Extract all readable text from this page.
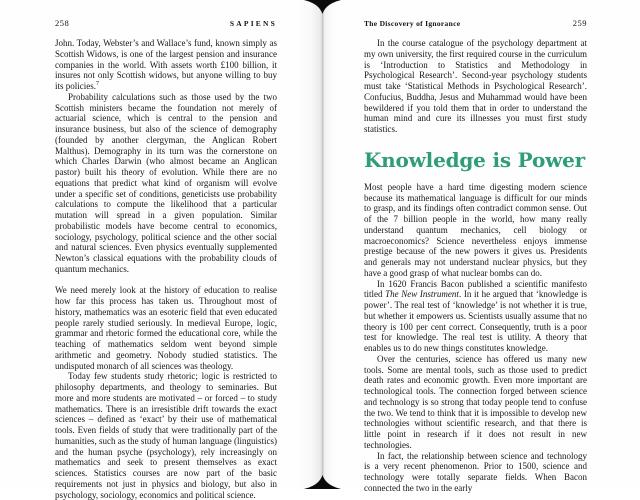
258	SAPIENS

John. Today, Webster’s and Wallace’s fund, known simply as Scottish Widows, is one of the largest pension and insurance companies in the world. With assets worth £100 billion, it insures not only Scottish widows, but anyone willing to buy its policies.$^7$

Probability calculations such as those used by the two Scottish ministers became the foundation not merely of actuarial science, which is central to the pension and insurance business, but also of the science of demography (founded by another clergyman, the Anglican Robert Malthus). Demography in its turn was the cornerstone on which Charles Darwin (who almost became an Anglican pastor) built his theory of evolution. While there are no equations that predict what kind of organism will evolve under a specific set of conditions, geneticists use probability calculations to compute the likelihood that a particular mutation will spread in a given population. Similar probabilistic models have become central to economics, sociology, psychology, political science and the other social and natural sciences. Even physics eventually supplemented Newton’s classical equations with the probability clouds of quantum mechanics.

We need merely look at the history of education to realise how far this process has taken us. Throughout most of history, mathematics was an esoteric field that even educated people rarely studied seriously. In medieval Europe, logic, grammar and rhetoric formed the educational core, while the teaching of mathematics seldom went beyond simple arithmetic and geometry. Nobody studied statistics. The undisputed monarch of all sciences was theology.

Today few students study rhetoric; logic is restricted to philosophy departments, and theology to seminaries. But more and more students are motivated – or forced – to study mathematics. There is an irresistible drift towards the exact sciences – defined as ‘exact’ by their use of mathematical tools. Even fields of study that were traditionally part of the humanities, such as the study of human language (linguistics) and the human psyche (psychology), rely increasingly on mathematics and seek to present themselves as exact sciences. Statistics courses are now part of the basic requirements not just in physics and biology, but also in psychology, sociology, economics and political science.

The Discovery of Ignorance	259

In the course catalogue of the psychology department at my own university, the first required course in the curriculum is ‘Introduction to Statistics and Methodology in Psychological Research’. Second-year psychology students must take ‘Statistical Methods in Psychological Research’. Confucius, Buddha, Jesus and Muhammad would have been bewildered if you told them that in order to understand the human mind and cure its illnesses you must first study statistics.

Knowledge is Power

Most people have a hard time digesting modern science because its mathematical language is difficult for our minds to grasp, and its findings often contradict common sense. Out of the 7 billion people in the world, how many really understand quantum mechanics, cell biology or macroeconomics? Science nevertheless enjoys immense prestige because of the new powers it gives us. Presidents and generals may not understand nuclear physics, but they have a good grasp of what nuclear bombs can do.

In 1620 Francis Bacon published a scientific manifesto titled The New Instrument. In it he argued that ‘knowledge is power’. The real test of ‘knowledge’ is not whether it is true, but whether it empowers us. Scientists usually assume that no theory is 100 per cent correct. Consequently, truth is a poor test for knowledge. The real test is utility. A theory that enables us to do new things constitutes knowledge.

Over the centuries, science has offered us many new tools. Some are mental tools, such as those used to predict death rates and economic growth. Even more important are technological tools. The connection forged between science and technology is so strong that today people tend to confuse the two. We tend to think that it is impossible to develop new technologies without scientific research, and that there is little point in research if it does not result in new technologies.

In fact, the relationship between science and technology is a very recent phenomenon. Prior to 1500, science and technology were totally separate fields. When Bacon connected the two in the early
